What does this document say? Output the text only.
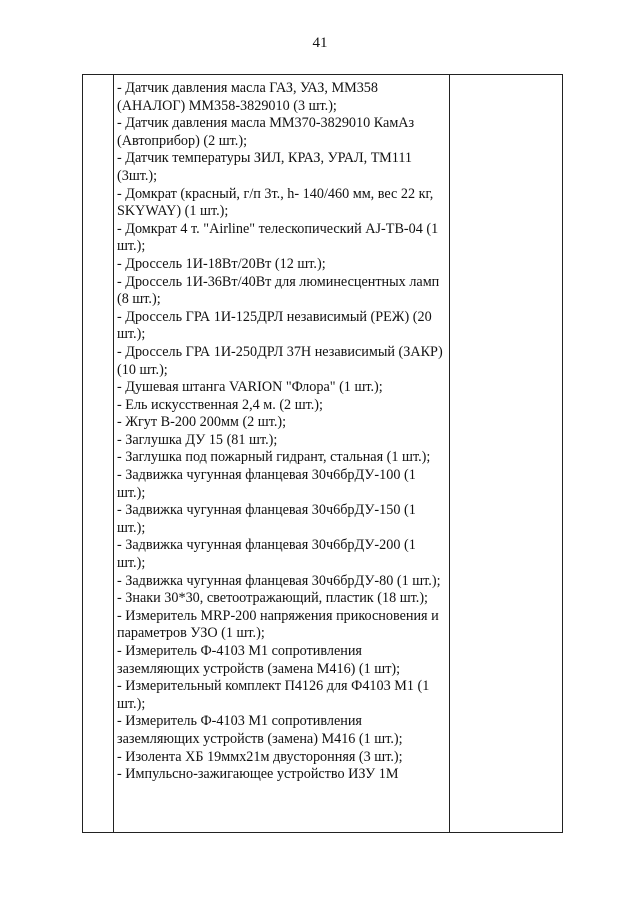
41
- Датчик давления масла ГАЗ, УАЗ, ММ358 (АНАЛОГ) ММ358-3829010 (3 шт.);
- Датчик давления масла ММ370-3829010 КамАз (Автоприбор) (2 шт.);
- Датчик температуры ЗИЛ, КРАЗ, УРАЛ, ТМ111 (3шт.);
- Домкрат (красный, г/п 3т., h- 140/460 мм, вес 22 кг, SKYWAY) (1 шт.);
- Домкрат 4 т. "Airline" телескопический AJ-TB-04 (1 шт.);
- Дроссель 1И-18Вт/20Вт (12 шт.);
- Дроссель 1И-36Вт/40Вт для люминесцентных ламп (8 шт.);
- Дроссель ГРА 1И-125ДРЛ независимый (РЕЖ) (20 шт.);
- Дроссель ГРА 1И-250ДРЛ 37Н независимый (ЗАКР) (10 шт.);
- Душевая штанга VARION "Флора" (1 шт.);
- Ель искусственная 2,4 м. (2 шт.);
- Жгут В-200 200мм (2 шт.);
- Заглушка ДУ 15 (81 шт.);
- Заглушка под пожарный гидрант, стальная (1 шт.);
- Задвижка чугунная фланцевая 30ч6брДУ-100 (1 шт.);
- Задвижка чугунная фланцевая 30ч6брДУ-150 (1 шт.);
- Задвижка чугунная фланцевая 30ч6брДУ-200 (1 шт.);
- Задвижка чугунная фланцевая 30ч6брДУ-80 (1 шт.);
- Знаки 30*30, светоотражающий, пластик (18 шт.);
- Измеритель MRP-200 напряжения прикосновения и параметров УЗО (1 шт.);
- Измеритель Ф-4103 М1 сопротивления заземляющих устройств (замена М416) (1 шт);
- Измерительный комплект П4126 для Ф4103 М1 (1 шт.);
- Измеритель Ф-4103 М1 сопротивления заземляющих устройств (замена) М416 (1 шт.);
- Изолента ХБ 19ммх21м двусторонняя (3 шт.);
- Импульсно-зажигающее устройство ИЗУ 1М
